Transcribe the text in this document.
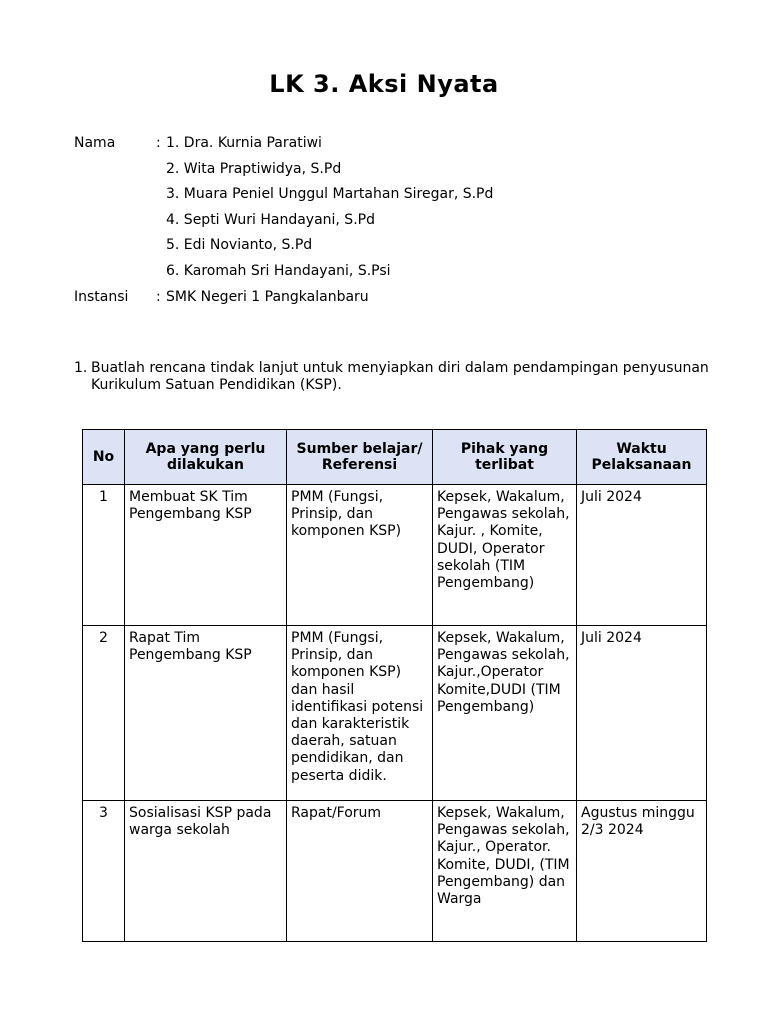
LK 3. Aksi Nyata
Nama	: 1. Dra. Kurnia Paratiwi
2. Wita Praptiwidya, S.Pd
3. Muara Peniel Unggul Martahan Siregar, S.Pd
4. Septi Wuri Handayani, S.Pd
5. Edi Novianto, S.Pd
6. Karomah Sri Handayani, S.Psi
Instansi : SMK Negeri 1 Pangkalanbaru
1. Buatlah rencana tindak lanjut untuk menyiapkan diri dalam pendampingan penyusunan Kurikulum Satuan Pendidikan (KSP).
No	Apa yang perlu dilakukan	Sumber belajar/ Referensi	Pihak yang terlibat	Waktu Pelaksanaan
1	Membuat SK Tim Pengembang KSP	PMM (Fungsi, Prinsip, dan komponen KSP)	Kepsek, Wakalum, Pengawas sekolah, Kajur. , Komite, DUDI, Operator sekolah (TIM Pengembang)	Juli 2024
2	Rapat Tim Pengembang KSP	PMM (Fungsi, Prinsip, dan komponen KSP) dan hasil identifikasi potensi dan karakteristik daerah, satuan pendidikan, dan peserta didik.	Kepsek, Wakalum, Pengawas sekolah, Kajur.,Operator Komite,DUDI (TIM Pengembang)	Juli 2024
3	Sosialisasi KSP pada warga sekolah	Rapat/Forum	Kepsek, Wakalum, Pengawas sekolah, Kajur., Operator. Komite, DUDI, (TIM Pengembang) dan Warga	Agustus minggu 2/3 2024
